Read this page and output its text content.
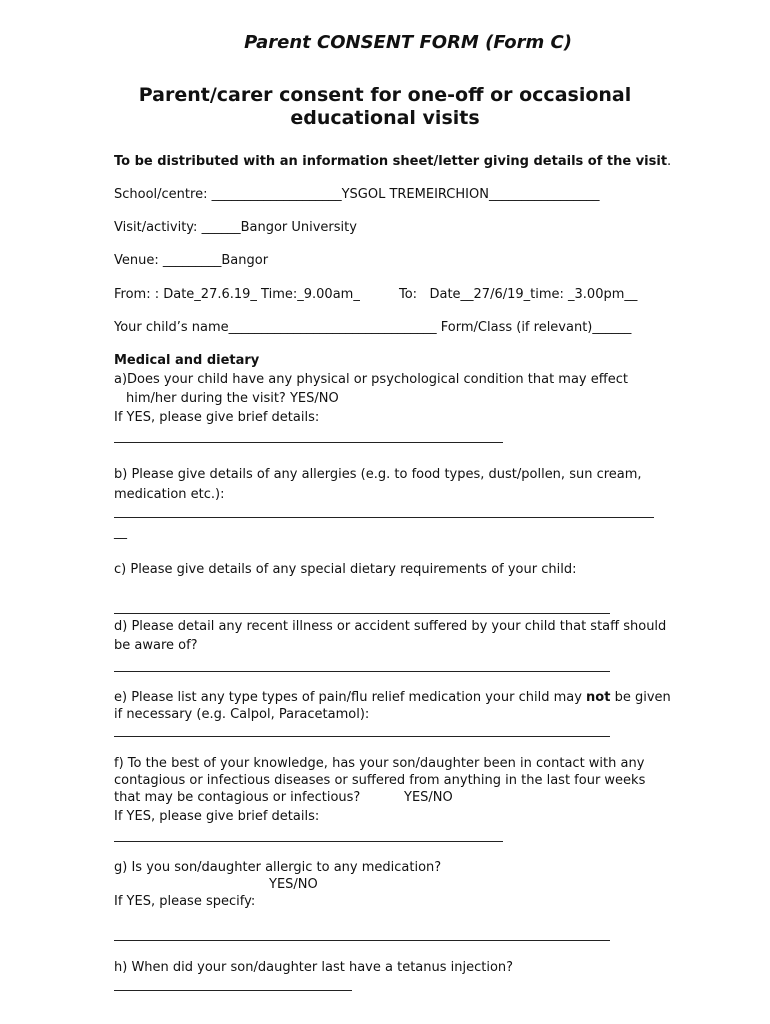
Parent CONSENT FORM (Form C)
Parent/carer consent for one-off or occasional
educational visits
To be distributed with an information sheet/letter giving details of the visit.
School/centre: ____________________YSGOL TREMEIRCHION_________________
Visit/activity: ______Bangor University
Venue: _________Bangor
From: : Date_27.6.19_ Time:_9.00am_	To:   Date__27/6/19_time: _3.00pm__
Your child’s name________________________________ Form/Class (if relevant)______
Medical and dietary
a)Does your child have any physical or psychological condition that may effect
him/her during the visit? YES/NO
If YES, please give brief details:
b) Please give details of any allergies (e.g. to food types, dust/pollen, sun cream,
medication etc.):
__
c) Please give details of any special dietary requirements of your child:
d) Please detail any recent illness or accident suffered by your child that staff should
be aware of?
e) Please list any type types of pain/flu relief medication your child may not be given
if necessary (e.g. Calpol, Paracetamol):
f) To the best of your knowledge, has your son/daughter been in contact with any
contagious or infectious diseases or suffered from anything in the last four weeks
that may be contagious or infectious?	YES/NO
If YES, please give brief details:
g) Is you son/daughter allergic to any medication?
YES/NO
If YES, please specify:
h) When did your son/daughter last have a tetanus injection?
